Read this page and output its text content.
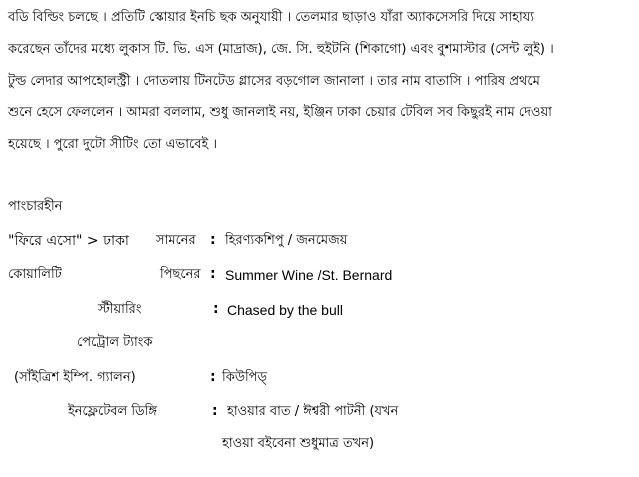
বডি বিল্ডিং চলছে । প্রতিটি স্কোয়ার ইনচি ছক অনুযায়ী । তেলমার ছাড়াও যাঁরা অ্যাকসেসরি দিয়ে সাহায্য
করেছেন তাঁদের মধ্যে লুকাস টি. ভি. এস (মাদ্রাজ), জে. সি. হুইটনি (শিকাগো) এবং বুশমাস্টার (সেন্ট লুই) ।
টুল্ড লেদার আপহোলস্ট্রী । দোতলায় টিনটেড গ্লাসের বড়গোল জানালা । তার নাম বাতাসি । পারিষ প্রথমে
শুনে হেসে ফেললেন । আমরা বললাম, শুধু জানলাই নয়, ইঞ্জিন ঢাকা চেয়ার টেবিল সব কিছুরই নাম দেওয়া
হয়েছে । পুরো দুটো সীটিং তো এভাবেই ।
পাংচারহীন
"ফিরে এসো" > ঢাকা সামনের : হিরণ্যকশিপু / জনমেজয়
কোয়ালিটি	পিছনের : Summer Wine /St. Bernard
স্টীয়ারিং	: Chased by the bull
পেট্রোল ট্যাংক
(সাঁইত্রিশ ইম্পি. গ্যালন)	: কিউপিড্
ইনফ্লেটেবল ডিঙ্গি	: হাওয়ার বাত / ঈশ্বরী পাটনী (যখন
হাওয়া বইবেনা শুধুমাত্র তখন)
